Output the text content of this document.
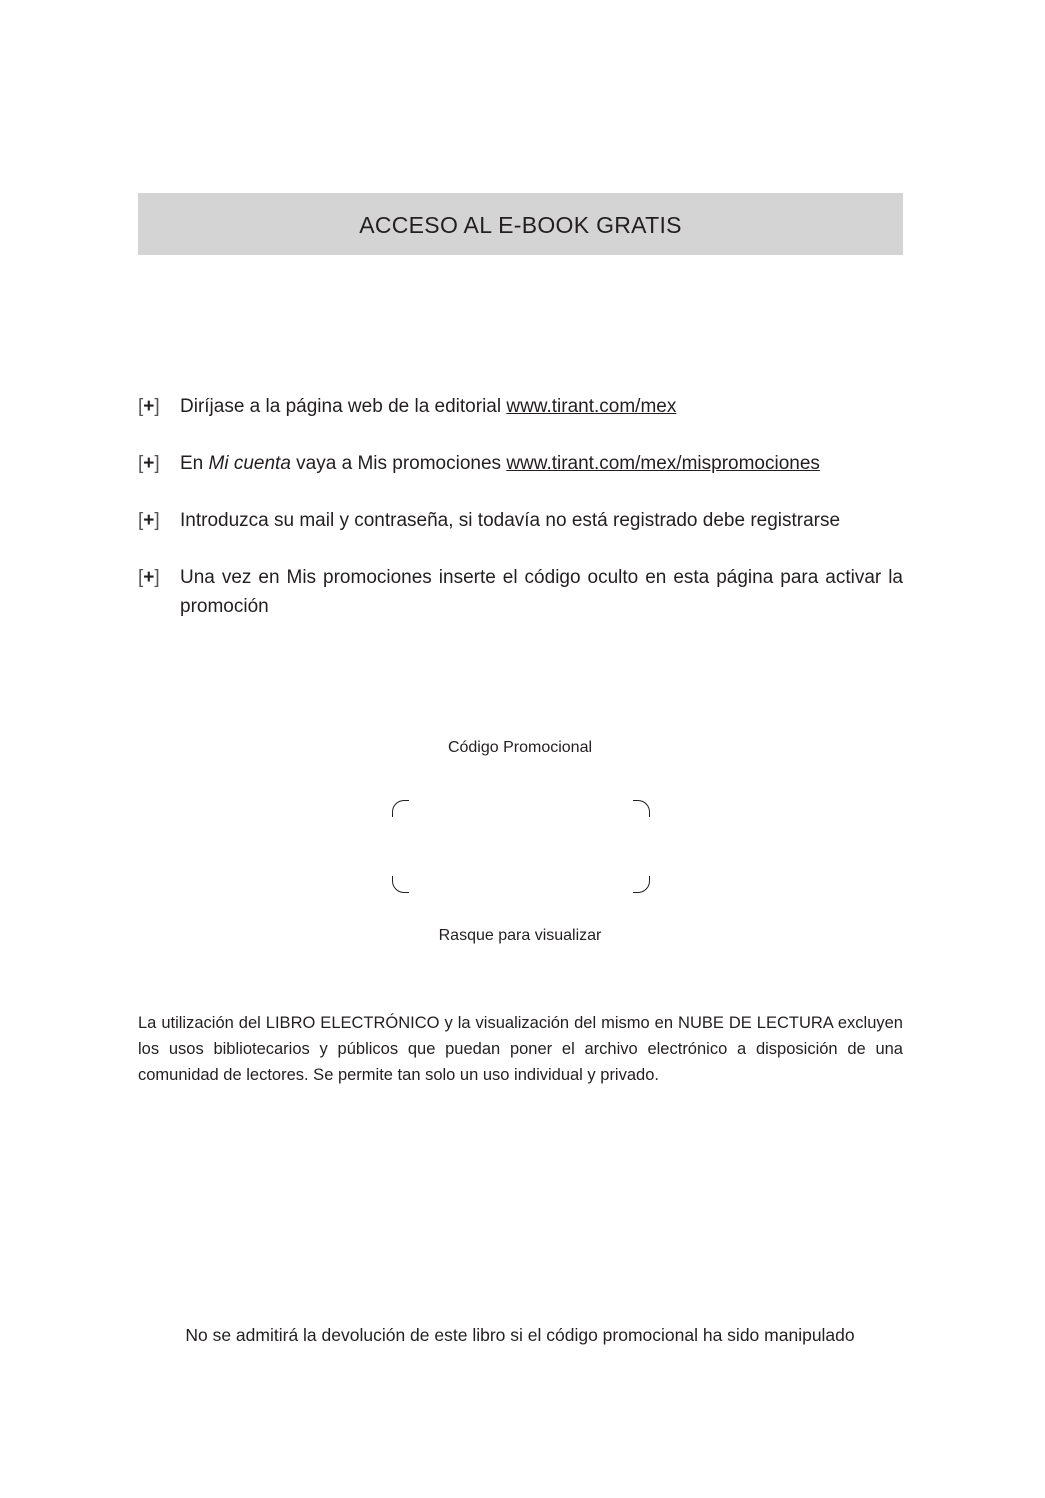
ACCESO AL E-BOOK GRATIS
[+]	Diríjase a la página web de la editorial www.tirant.com/mex
[+]	En Mi cuenta vaya a Mis promociones www.tirant.com/mex/mispromociones
[+]	Introduzca su mail y contraseña, si todavía no está registrado debe registrarse
[+]	Una vez en Mis promociones inserte el código oculto en esta página para activar la promoción
Código Promocional
Rasque para visualizar
La utilización del LIBRO ELECTRÓNICO y la visualización del mismo en NUBE DE LECTURA excluyen los usos bibliotecarios y públicos que puedan poner el archivo electrónico a disposición de una comunidad de lectores. Se permite tan solo un uso individual y privado.
No se admitirá la devolución de este libro si el código promocional ha sido manipulado
